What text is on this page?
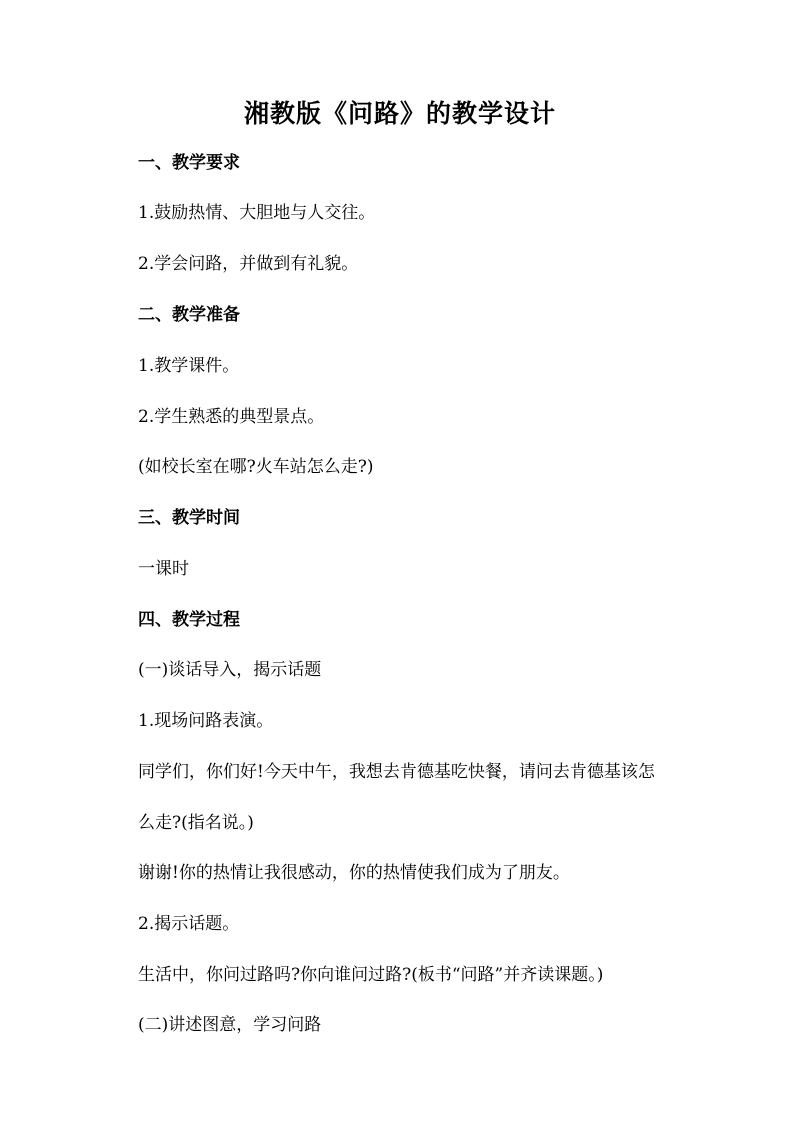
湘教版《问路》的教学设计

一、教学要求

1.鼓励热情、大胆地与人交往。

2.学会问路，并做到有礼貌。

二、教学准备

1.教学课件。

2.学生熟悉的典型景点。

(如校长室在哪?火车站怎么走?)

三、教学时间

一课时

四、教学过程

(一)谈话导入，揭示话题

1.现场问路表演。

同学们，你们好!今天中午，我想去肯德基吃快餐，请问去肯德基该怎么走?(指名说。)

谢谢!你的热情让我很感动，你的热情使我们成为了朋友。

2.揭示话题。

生活中，你问过路吗?你向谁问过路?(板书“问路”并齐读课题。)

(二)讲述图意，学习问路
